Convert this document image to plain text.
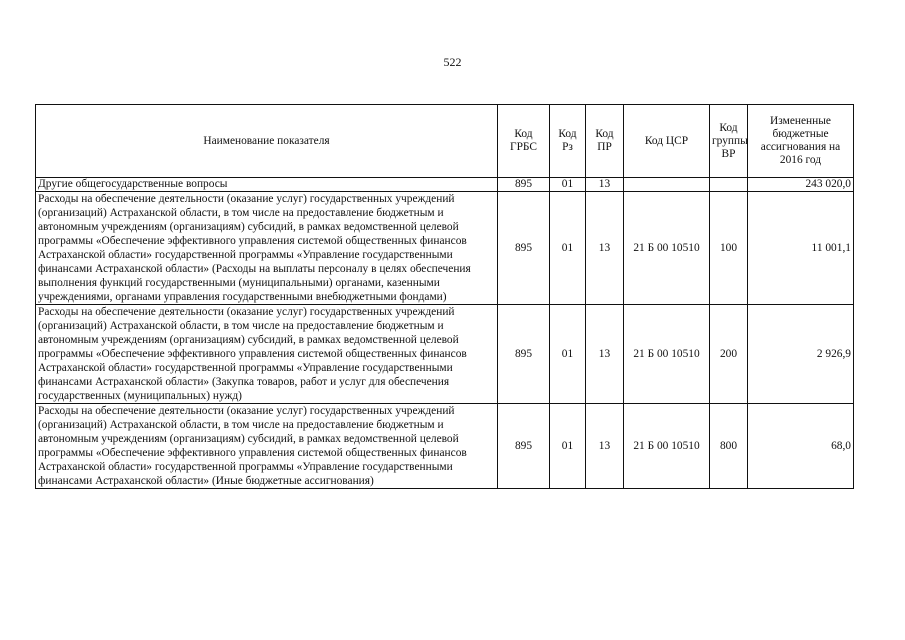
522
Наименование показателя	Код ГРБС	Код Рз	Код ПР	Код ЦСР	Код группы ВР	Измененные бюджетные ассигнования на 2016 год
Другие общегосударственные вопросы	895	01	13			243 020,0
Расходы на обеспечение деятельности (оказание услуг) государственных учреждений (организаций) Астраханской области, в том числе на предоставление бюджетным и автономным учреждениям (организациям) субсидий, в рамках ведомственной целевой программы «Обеспечение эффективного управления системой общественных финансов Астраханской области» государственной программы «Управление государственными финансами Астраханской области» (Расходы на выплаты персоналу в целях обеспечения выполнения функций государственными (муниципальными) органами, казенными учреждениями, органами управления государственными внебюджетными фондами)	895	01	13	21 Б 00 10510	100	11 001,1
Расходы на обеспечение деятельности (оказание услуг) государственных учреждений (организаций) Астраханской области, в том числе на предоставление бюджетным и автономным учреждениям (организациям) субсидий, в рамках ведомственной целевой программы «Обеспечение эффективного управления системой общественных финансов Астраханской области» государственной программы «Управление государственными финансами Астраханской области» (Закупка товаров, работ и услуг для обеспечения государственных (муниципальных) нужд)	895	01	13	21 Б 00 10510	200	2 926,9
Расходы на обеспечение деятельности (оказание услуг) государственных учреждений (организаций) Астраханской области, в том числе на предоставление бюджетным и автономным учреждениям (организациям) субсидий, в рамках ведомственной целевой программы «Обеспечение эффективного управления системой общественных финансов Астраханской области» государственной программы «Управление государственными финансами Астраханской области» (Иные бюджетные ассигнования)	895	01	13	21 Б 00 10510	800	68,0
